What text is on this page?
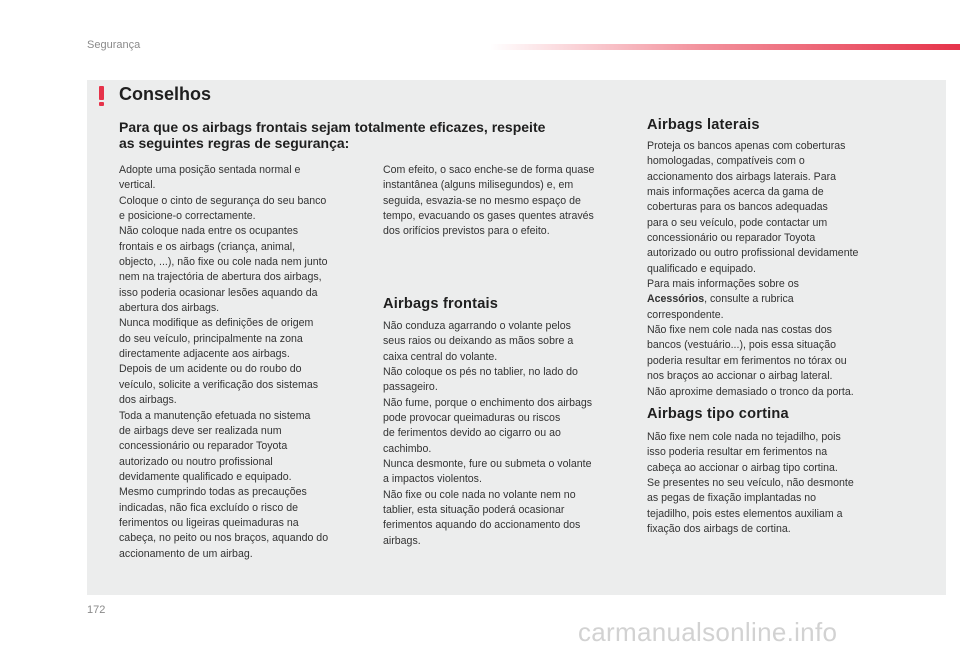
Segurança
Conselhos
Para que os airbags frontais sejam totalmente eficazes, respeite
as seguintes regras de segurança:
Adopte uma posição sentada normal e
vertical.
Coloque o cinto de segurança do seu banco
e posicione-o correctamente.
Não coloque nada entre os ocupantes
frontais e os airbags (criança, animal,
objecto, ...), não fixe ou cole nada nem junto
nem na trajectória de abertura dos airbags,
isso poderia ocasionar lesões aquando da
abertura dos airbags.
Nunca modifique as definições de origem
do seu veículo, principalmente na zona
directamente adjacente aos airbags.
Depois de um acidente ou do roubo do
veículo, solicite a verificação dos sistemas
dos airbags.
Toda a manutenção efetuada no sistema
de airbags deve ser realizada num
concessionário ou reparador Toyota
autorizado ou noutro profissional
devidamente qualificado e equipado.
Mesmo cumprindo todas as precauções
indicadas, não fica excluído o risco de
ferimentos ou ligeiras queimaduras na
cabeça, no peito ou nos braços, aquando do
accionamento de um airbag.
Com efeito, o saco enche-se de forma quase
instantânea (alguns milisegundos) e, em
seguida, esvazia-se no mesmo espaço de
tempo, evacuando os gases quentes através
dos orifícios previstos para o efeito.
Airbags frontais
Não conduza agarrando o volante pelos
seus raios ou deixando as mãos sobre a
caixa central do volante.
Não coloque os pés no tablier, no lado do
passageiro.
Não fume, porque o enchimento dos airbags
pode provocar queimaduras ou riscos
de ferimentos devido ao cigarro ou ao
cachimbo.
Nunca desmonte, fure ou submeta o volante
a impactos violentos.
Não fixe ou cole nada no volante nem no
tablier, esta situação poderá ocasionar
ferimentos aquando do accionamento dos
airbags.
Airbags laterais
Proteja os bancos apenas com coberturas
homologadas, compatíveis com o
accionamento dos airbags laterais. Para
mais informações acerca da gama de
coberturas para os bancos adequadas
para o seu veículo, pode contactar um
concessionário ou reparador Toyota
autorizado ou outro profissional devidamente
qualificado e equipado.
Para mais informações sobre os
Acessórios, consulte a rubrica
correspondente.
Não fixe nem cole nada nas costas dos
bancos (vestuário...), pois essa situação
poderia resultar em ferimentos no tórax ou
nos braços ao accionar o airbag lateral.
Não aproxime demasiado o tronco da porta.
Airbags tipo cortina
Não fixe nem cole nada no tejadilho, pois
isso poderia resultar em ferimentos na
cabeça ao accionar o airbag tipo cortina.
Se presentes no seu veículo, não desmonte
as pegas de fixação implantadas no
tejadilho, pois estes elementos auxiliam a
fixação dos airbags de cortina.
172
carmanualsonline.info
